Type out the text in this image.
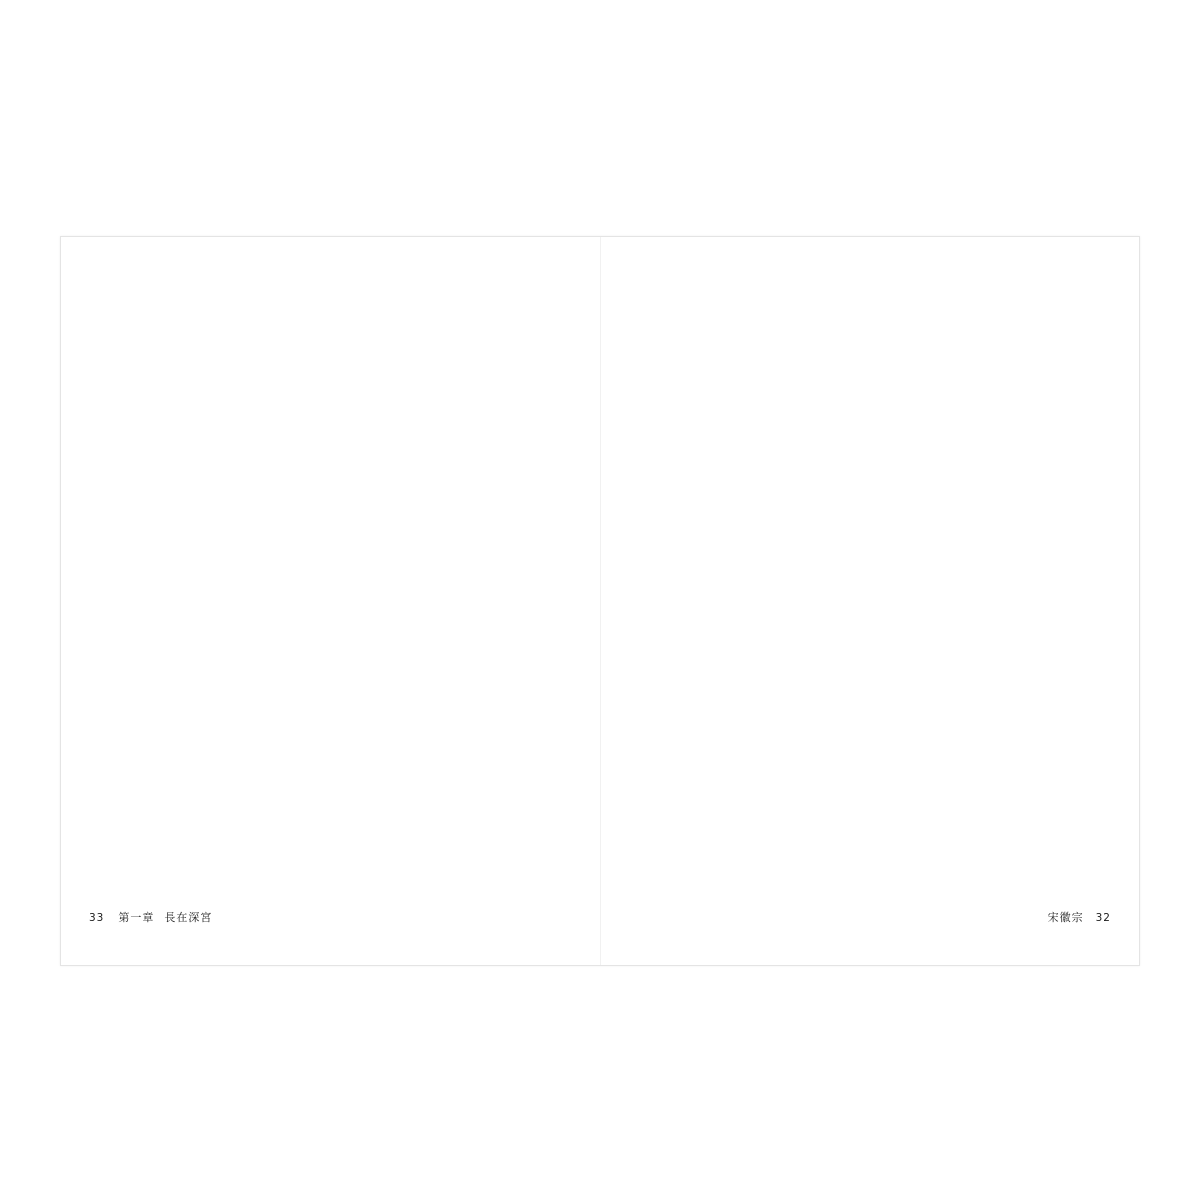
33 第一章 長在深宮	宋徽宗 32
